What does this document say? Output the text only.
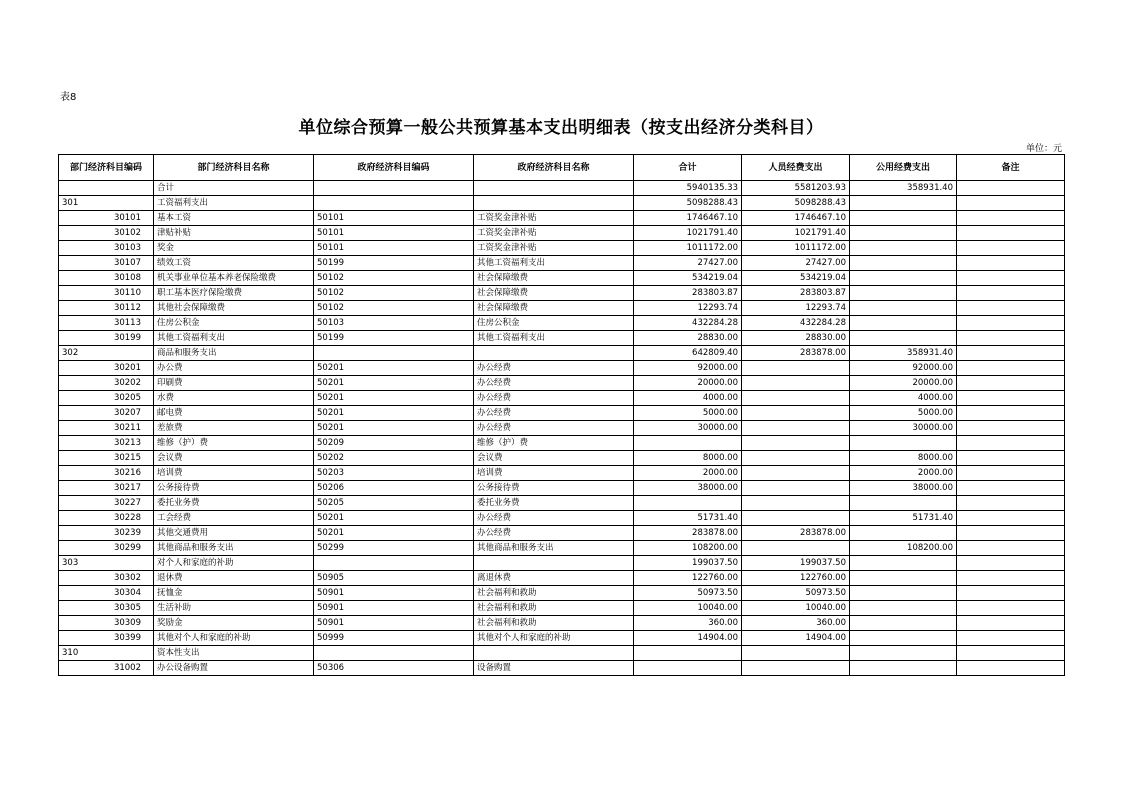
表8
单位综合预算一般公共预算基本支出明细表（按支出经济分类科目）
单位：元
部门经济科目编码	部门经济科目名称	政府经济科目编码	政府经济科目名称	合计	人员经费支出	公用经费支出	备注
	合计			5940135.33	5581203.93	358931.40	
301	工资福利支出			5098288.43	5098288.43		
30101	基本工资	50101	工资奖金津补贴	1746467.10	1746467.10		
30102	津贴补贴	50101	工资奖金津补贴	1021791.40	1021791.40		
30103	奖金	50101	工资奖金津补贴	1011172.00	1011172.00		
30107	绩效工资	50199	其他工资福利支出	27427.00	27427.00		
30108	机关事业单位基本养老保险缴费	50102	社会保障缴费	534219.04	534219.04		
30110	职工基本医疗保险缴费	50102	社会保障缴费	283803.87	283803.87		
30112	其他社会保障缴费	50102	社会保障缴费	12293.74	12293.74		
30113	住房公积金	50103	住房公积金	432284.28	432284.28		
30199	其他工资福利支出	50199	其他工资福利支出	28830.00	28830.00		
302	商品和服务支出			642809.40	283878.00	358931.40	
30201	办公费	50201	办公经费	92000.00		92000.00	
30202	印刷费	50201	办公经费	20000.00		20000.00	
30205	水费	50201	办公经费	4000.00		4000.00	
30207	邮电费	50201	办公经费	5000.00		5000.00	
30211	差旅费	50201	办公经费	30000.00		30000.00	
30213	维修（护）费	50209	维修（护）费				
30215	会议费	50202	会议费	8000.00		8000.00	
30216	培训费	50203	培训费	2000.00		2000.00	
30217	公务接待费	50206	公务接待费	38000.00		38000.00	
30227	委托业务费	50205	委托业务费				
30228	工会经费	50201	办公经费	51731.40		51731.40	
30239	其他交通费用	50201	办公经费	283878.00	283878.00		
30299	其他商品和服务支出	50299	其他商品和服务支出	108200.00		108200.00	
303	对个人和家庭的补助			199037.50	199037.50		
30302	退休费	50905	离退休费	122760.00	122760.00		
30304	抚恤金	50901	社会福利和救助	50973.50	50973.50		
30305	生活补助	50901	社会福利和救助	10040.00	10040.00		
30309	奖励金	50901	社会福利和救助	360.00	360.00		
30399	其他对个人和家庭的补助	50999	其他对个人和家庭的补助	14904.00	14904.00		
310	资本性支出						
31002	办公设备购置	50306	设备购置				
